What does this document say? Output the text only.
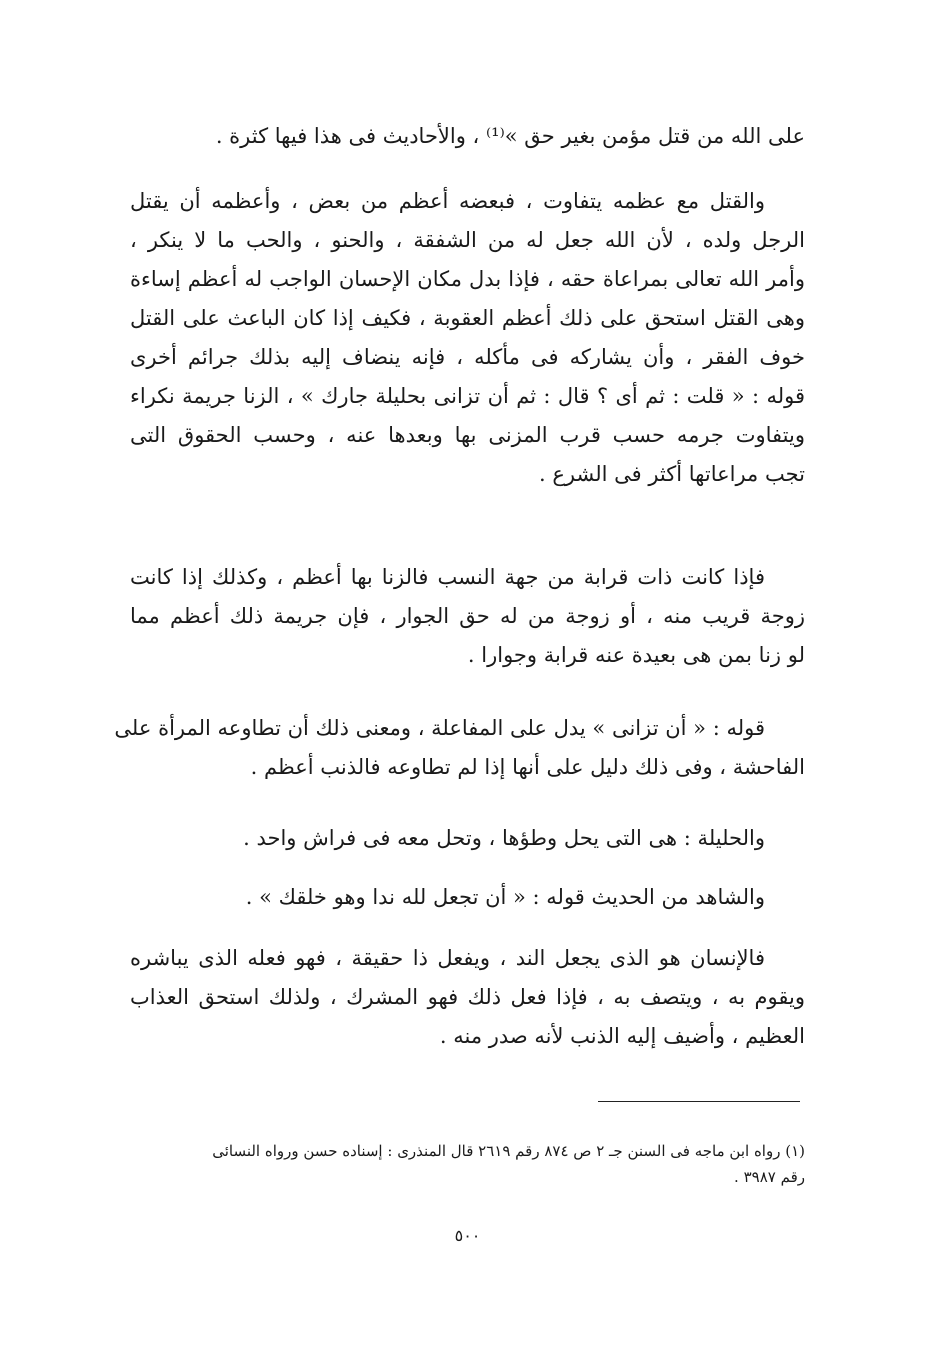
على الله من قتل مؤمن بغير حق »⁽¹⁾ ، والأحاديث فى هذا فيها كثرة .
والقتل مع عظمه يتفاوت ، فبعضه أعظم من بعض ، وأعظمه أن يقتل
الرجل ولده ، لأن الله جعل له من الشفقة ، والحنو ، والحب ما لا ينكر ،
وأمر الله تعالى بمراعاة حقه ، فإذا بدل مكان الإحسان الواجب له أعظم إساءة
وهى القتل استحق على ذلك أعظم العقوبة ، فكيف إذا كان الباعث على القتل
خوف الفقر ، وأن يشاركه فى مأكله ، فإنه ينضاف إليه بذلك جرائم أخرى
قوله : « قلت : ثم أى ؟ قال : ثم أن تزانى بحليلة جارك » ، الزنا جريمة نكراء
ويتفاوت جرمه حسب قرب المزنى بها وبعدها عنه ، وحسب الحقوق التى
تجب مراعاتها أكثر فى الشرع .
فإذا كانت ذات قرابة من جهة النسب فالزنا بها أعظم ، وكذلك إذا كانت
زوجة قريب منه ، أو زوجة من له حق الجوار ، فإن جريمة ذلك أعظم مما
لو زنا بمن هى بعيدة عنه قرابة وجوارا .
قوله : « أن تزانى » يدل على المفاعلة ، ومعنى ذلك أن تطاوعه المرأة على
الفاحشة ، وفى ذلك دليل على أنها إذا لم تطاوعه فالذنب أعظم .
والحليلة : هى التى يحل وطؤها ، وتحل معه فى فراش واحد .
والشاهد من الحديث قوله : « أن تجعل لله ندا وهو خلقك » .
فالإنسان هو الذى يجعل الند ، ويفعل ذا حقيقة ، فهو فعله الذى يباشره
ويقوم به ، ويتصف به ، فإذا فعل ذلك فهو المشرك ، ولذلك استحق العذاب
العظيم ، وأضيف إليه الذنب لأنه صدر منه .
(١) رواه ابن ماجه فى السنن جـ ٢ ص ٨٧٤ رقم ٢٦١٩ قال المنذرى : إسناده حسن ورواه النسائى
رقم ٣٩٨٧ .
٥٠٠
